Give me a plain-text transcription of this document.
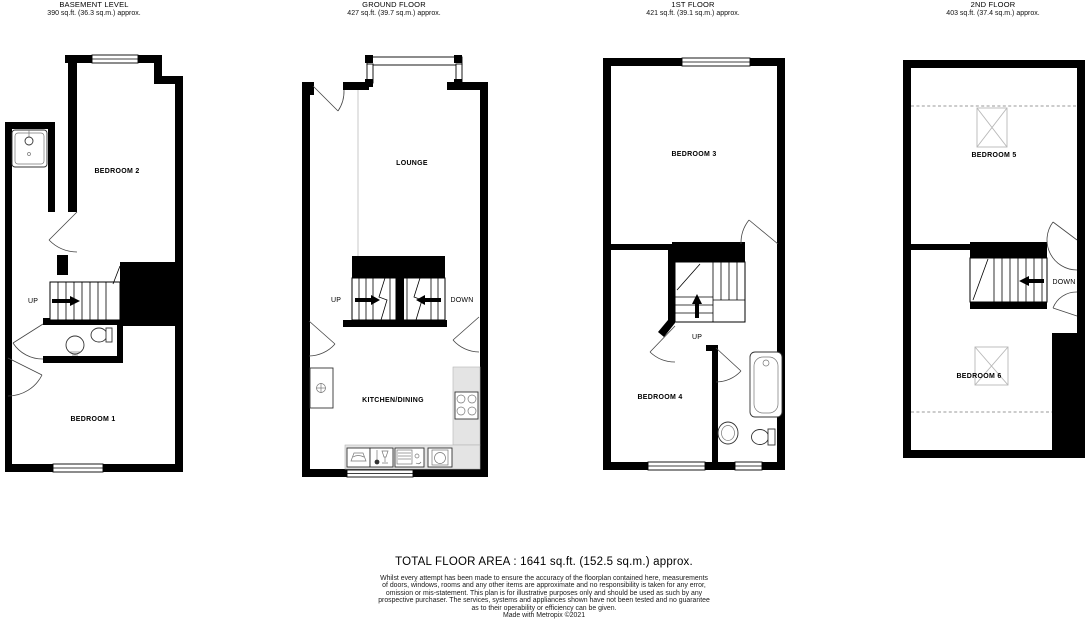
BASEMENT LEVEL
390 sq.ft. (36.3 sq.m.) approx.
GROUND FLOOR
427 sq.ft. (39.7 sq.m.) approx.
1ST FLOOR
421 sq.ft. (39.1 sq.m.) approx.
2ND FLOOR
403 sq.ft. (37.4 sq.m.) approx.
UP
BEDROOM 2
BEDROOM 1
UP	DOWN
LOUNGE
KITCHEN/DINING
UP
BEDROOM 3
BEDROOM 4
DOWN
BEDROOM 5
BEDROOM 6
TOTAL FLOOR AREA : 1641 sq.ft. (152.5 sq.m.) approx.
Whilst every attempt has been made to ensure the accuracy of the floorplan contained here, measurements
of doors, windows, rooms and any other items are approximate and no responsibility is taken for any error,
omission or mis-statement. This plan is for illustrative purposes only and should be used as such by any
prospective purchaser. The services, systems and appliances shown have not been tested and no guarantee
as to their operability or efficiency can be given.
Made with Metropix ©2021
